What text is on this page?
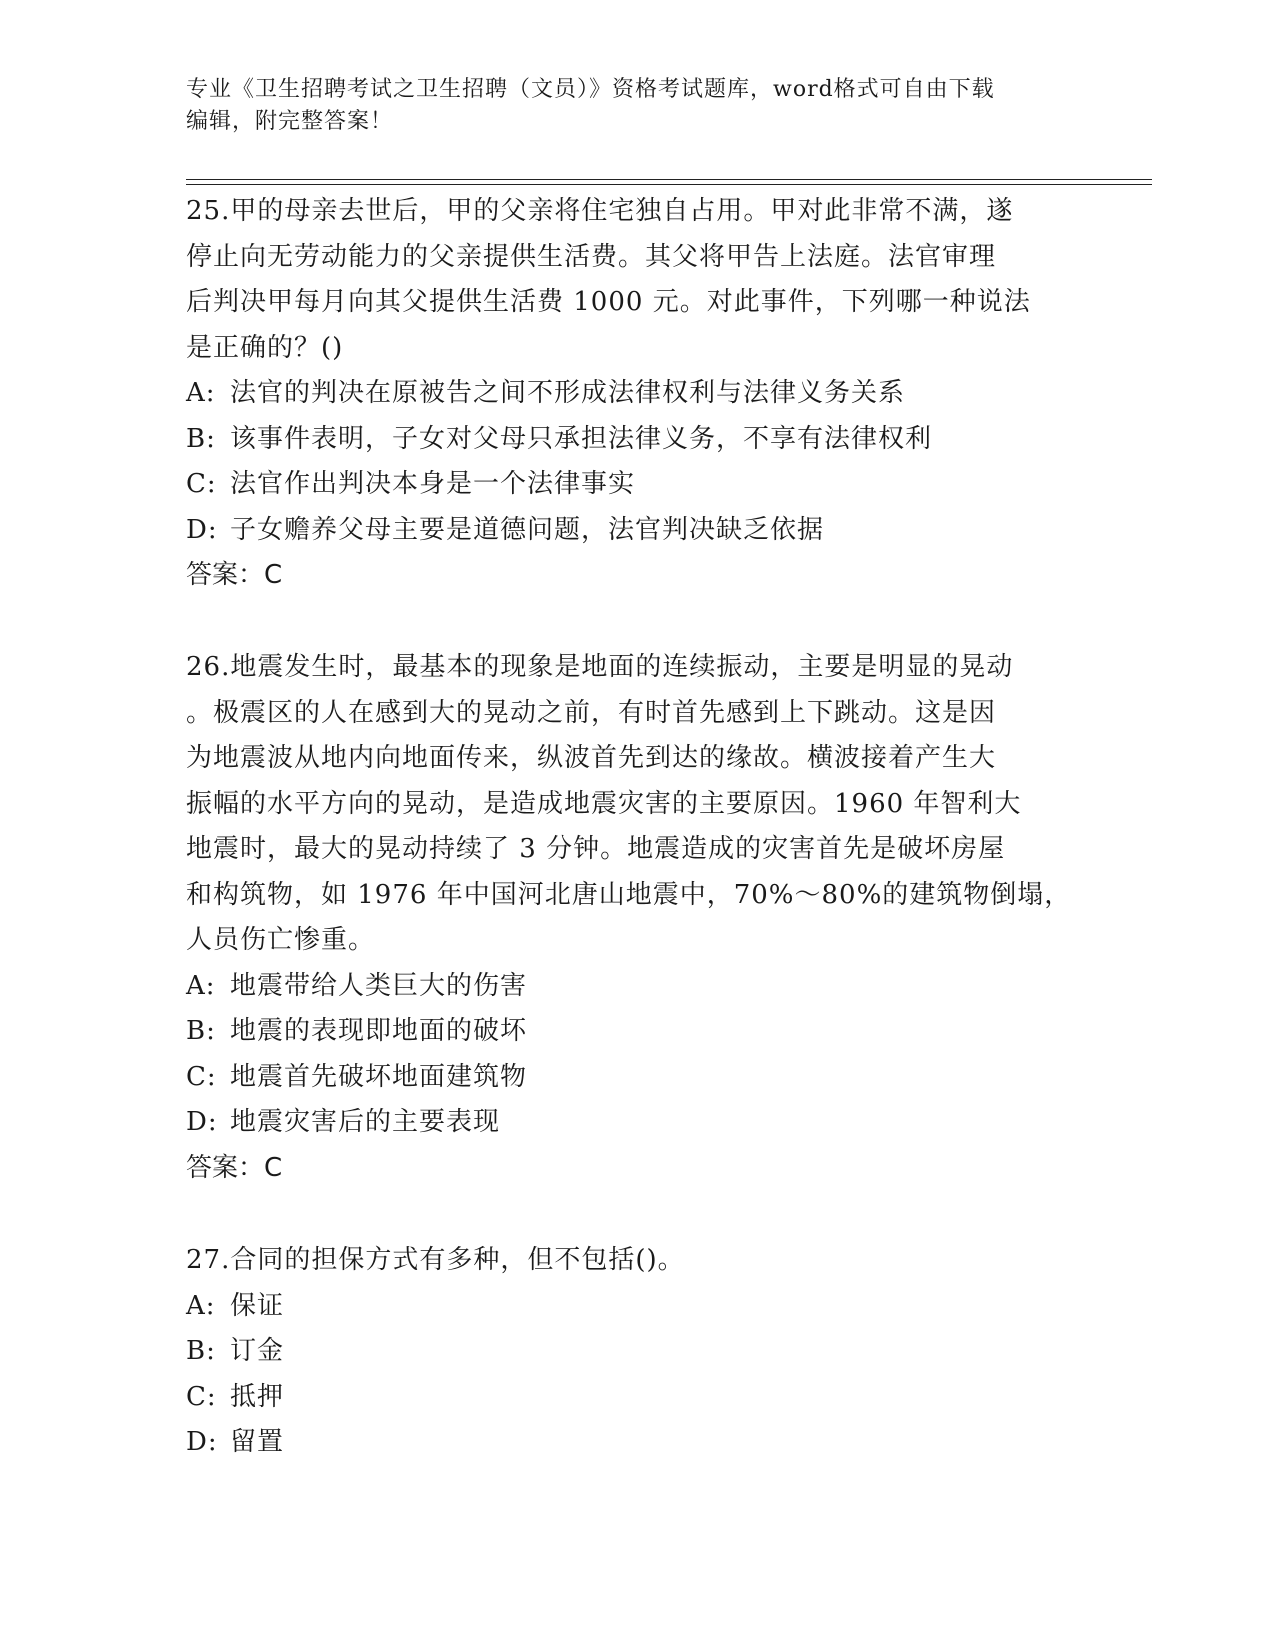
专业《卫生招聘考试之卫生招聘（文员）》资格考试题库，word格式可自由下载
编辑，附完整答案！

25.甲的母亲去世后，甲的父亲将住宅独自占用。甲对此非常不满，遂

停止向无劳动能力的父亲提供生活费。其父将甲告上法庭。法官审理

后判决甲每月向其父提供生活费 1000 元。对此事件，下列哪一种说法

是正确的？()

A: 法官的判决在原被告之间不形成法律权利与法律义务关系

B: 该事件表明，子女对父母只承担法律义务，不享有法律权利

C: 法官作出判决本身是一个法律事实

D: 子女赡养父母主要是道德问题，法官判决缺乏依据

答案：C

26.地震发生时，最基本的现象是地面的连续振动，主要是明显的晃动

。极震区的人在感到大的晃动之前，有时首先感到上下跳动。这是因

为地震波从地内向地面传来，纵波首先到达的缘故。横波接着产生大

振幅的水平方向的晃动，是造成地震灾害的主要原因。1960 年智利大

地震时，最大的晃动持续了 3 分钟。地震造成的灾害首先是破坏房屋

和构筑物，如 1976 年中国河北唐山地震中，70%～80%的建筑物倒塌，

人员伤亡惨重。

A: 地震带给人类巨大的伤害

B: 地震的表现即地面的破坏

C: 地震首先破坏地面建筑物

D: 地震灾害后的主要表现

答案：C

27.合同的担保方式有多种，但不包括()。

A: 保证

B: 订金

C: 抵押

D: 留置
